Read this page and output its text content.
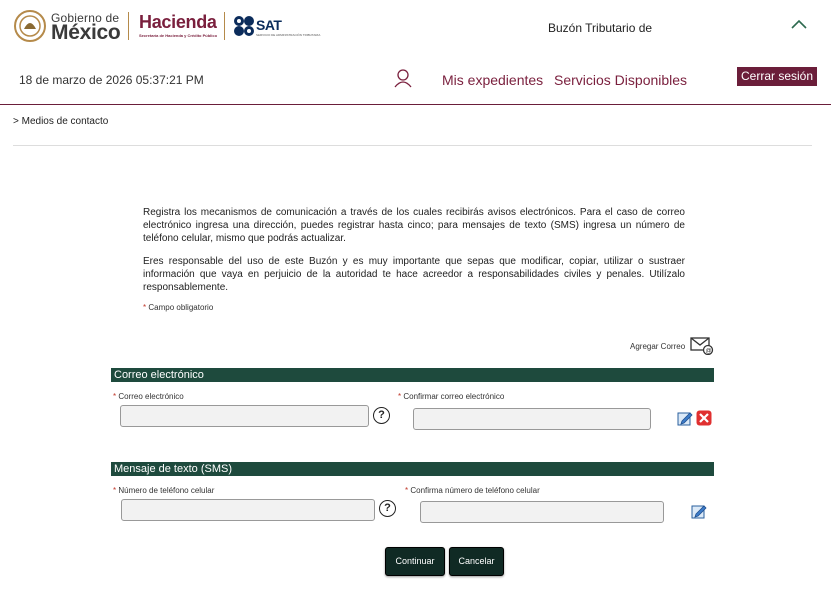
Gobierno de
México Hacienda
Secretaría de Hacienda y Crédito Público
SAT
SERVICIO DE ADMINISTRACIÓN TRIBUTARIA	Buzón Tributario de
18 de marzo de 2026 05:37:21 PM	Mis expedientes Servicios Disponibles	Cerrar sesión
> Medios de contacto

Registra los mecanismos de comunicación a través de los cuales recibirás avisos electrónicos. Para el caso de correo electrónico ingresa una dirección, puedes registrar hasta cinco; para mensajes de texto (SMS) ingresa un número de teléfono celular, mismo que podrás actualizar.

Eres responsable del uso de este Buzón y es muy importante que sepas que modificar, copiar, utilizar o sustraer información que vaya en perjuicio de la autoridad te hace acreedor a responsabilidades civiles y penales. Utilízalo responsablemente.

* Campo obligatorio
Agregar Correo
@
Correo electrónico
* Correo electrónico
?
* Confirmar correo electrónico
Mensaje de texto (SMS)
* Número de teléfono celular
?
* Confirma número de teléfono celular
Continuar	Cancelar
